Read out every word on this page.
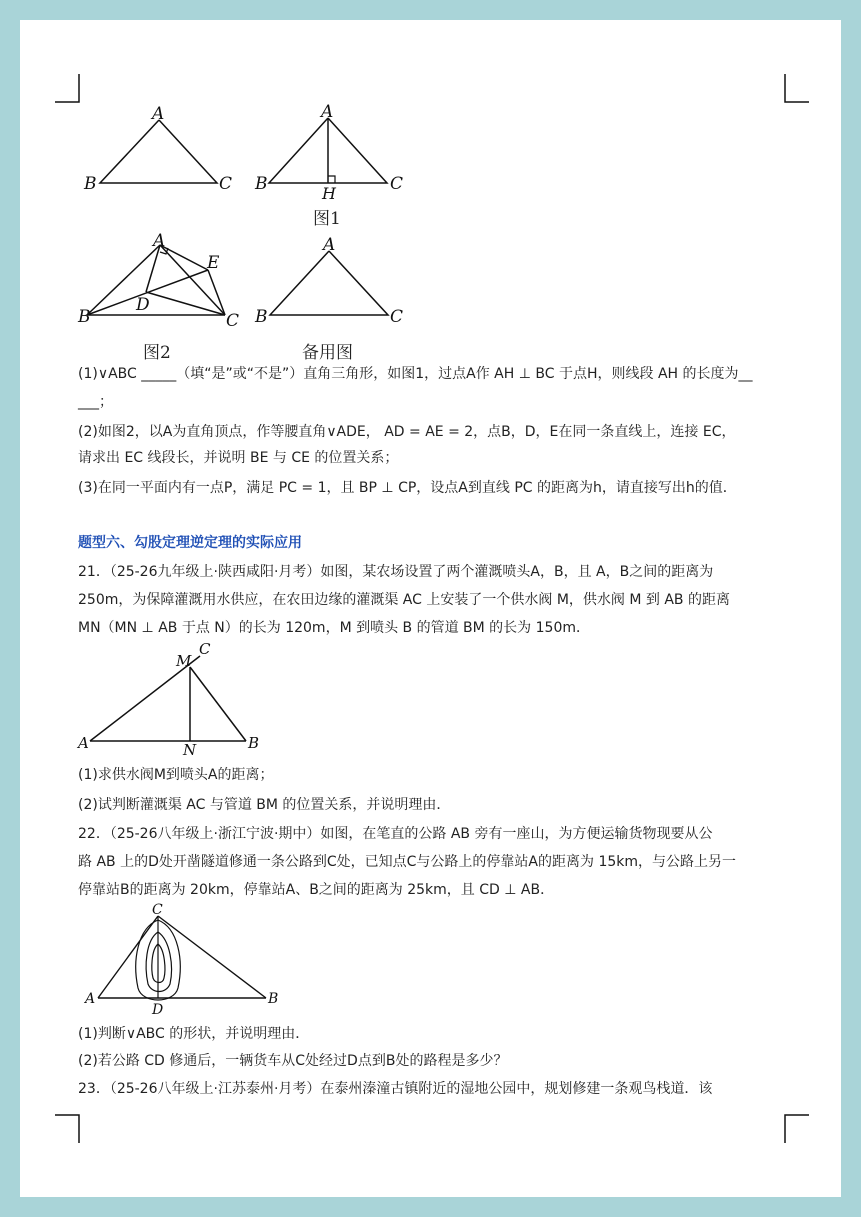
A
B	C
A
B	C
H
图1
A
B	C
D
E
图2
A
B	C
备用图
(1)∨ABC _____（填“是”或“不是”）直角三角形，如图1，过点A作 AH ⊥ BC 于点H，则线段 AH 的长度为__
___；
(2)如图2，以A为直角顶点，作等腰直角∨ADE， AD = AE = 2，点B，D，E在同一条直线上，连接 EC，
请求出 EC 线段长，并说明 BE 与 CE 的位置关系；
(3)在同一平面内有一点P，满足 PC = 1，且 BP ⊥ CP，设点A到直线 PC 的距离为h，请直接写出h的值．
题型六、勾股定理逆定理的实际应用
21．（25-26九年级上·陕西咸阳·月考）如图，某农场设置了两个灌溉喷头A，B，且 A，B之间的距离为
250m，为保障灌溉用水供应，在农田边缘的灌溉渠 AC 上安装了一个供水阀 M，供水阀 M 到 AB 的距离
MN（MN ⊥ AB 于点 N）的长为 120m，M 到喷头 B 的管道 BM 的长为 150m．
M
C
A	B
N
(1)求供水阀M到喷头A的距离；
(2)试判断灌溉渠 AC 与管道 BM 的位置关系，并说明理由．
22．（25-26八年级上·浙江宁波·期中）如图，在笔直的公路 AB 旁有一座山，为方便运输货物现要从公
路 AB 上的D处开凿隧道修通一条公路到C处，已知点C与公路上的停靠站A的距离为 15km，与公路上另一
停靠站B的距离为 20km，停靠站A、B之间的距离为 25km，且 CD ⊥ AB．
C
A	B
D
(1)判断∨ABC 的形状，并说明理由．
(2)若公路 CD 修通后，一辆货车从C处经过D点到B处的路程是多少？
23．（25-26八年级上·江苏泰州·月考）在泰州溱潼古镇附近的湿地公园中，规划修建一条观鸟栈道．该
